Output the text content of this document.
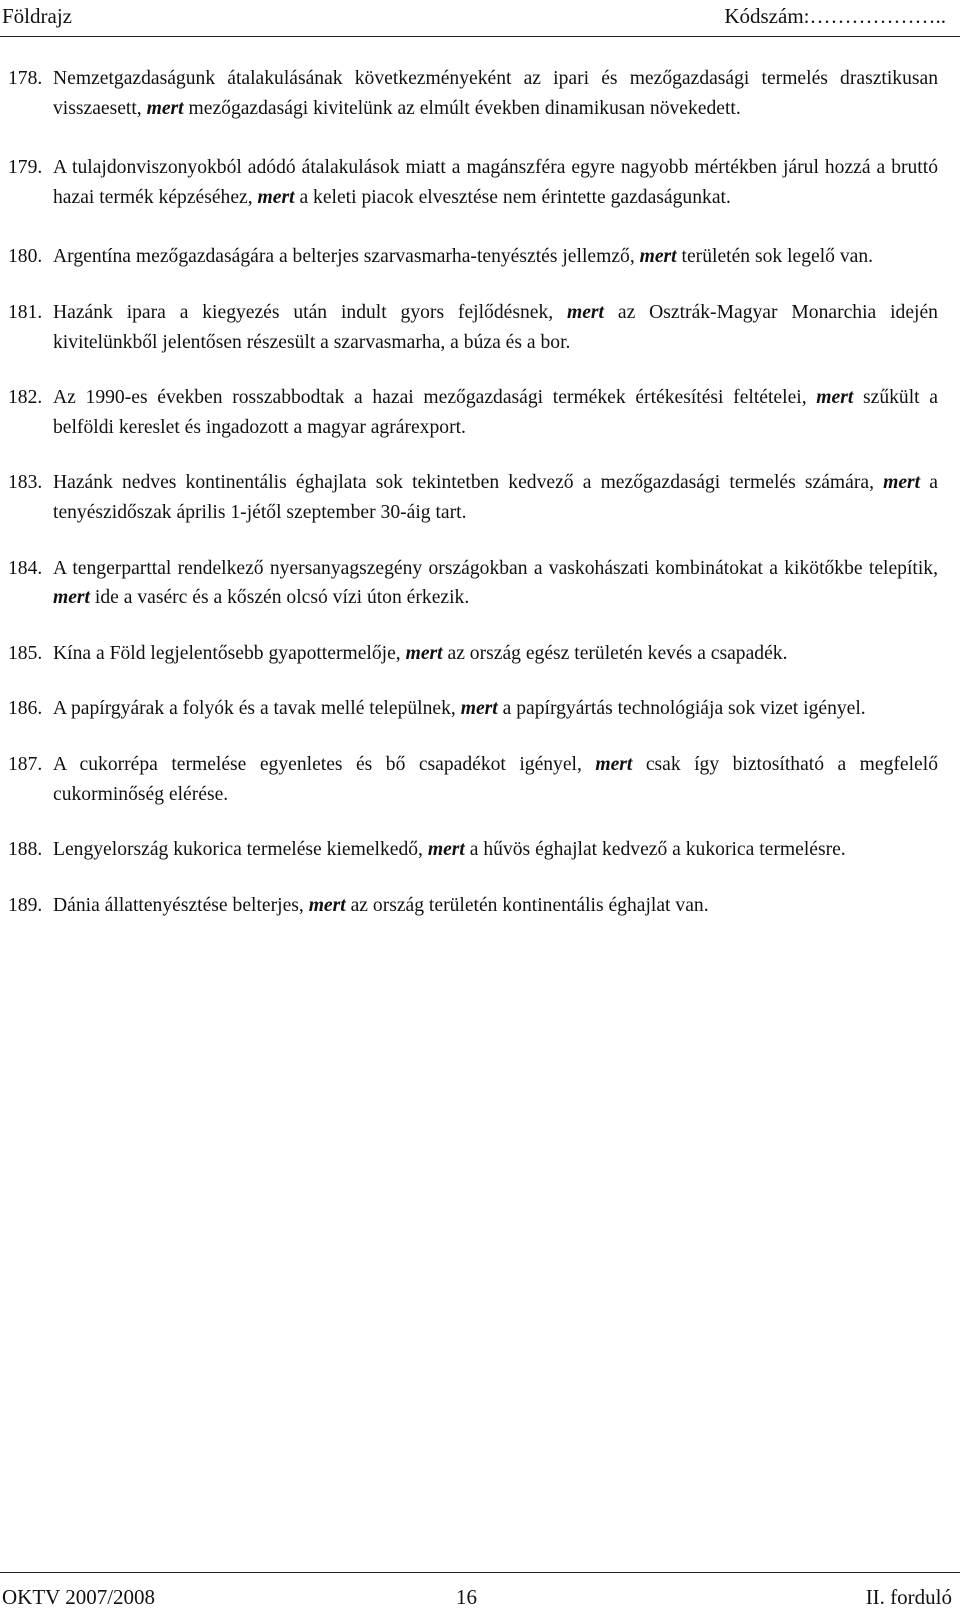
Földrajz	Kódszám:………………..
178. Nemzetgazdaságunk átalakulásának következményeként az ipari és mezőgazdasági termelés drasztikusan visszaesett, mert mezőgazdasági kivitelünk az elmúlt években dinamikusan növekedett.
179. A tulajdonviszonyokból adódó átalakulások miatt a magánszféra egyre nagyobb mértékben járul hozzá a bruttó hazai termék képzéséhez, mert a keleti piacok elvesztése nem érintette gazdaságunkat.
180. Argentína mezőgazdaságára a belterjes szarvasmarha-tenyésztés jellemző, mert területén sok legelő van.
181. Hazánk ipara a kiegyezés után indult gyors fejlődésnek, mert az Osztrák-Magyar Monarchia idején kivitelünkből jelentősen részesült a szarvasmarha, a búza és a bor.
182. Az 1990-es években rosszabbodtak a hazai mezőgazdasági termékek értékesítési feltételei, mert szűkült a belföldi kereslet és ingadozott a magyar agrárexport.
183. Hazánk nedves kontinentális éghajlata sok tekintetben kedvező a mezőgazdasági termelés számára, mert a tenyészidőszak április 1-jétől szeptember 30-áig tart.
184. A tengerparttal rendelkező nyersanyagszegény országokban a vaskohászati kombinátokat a kikötőkbe telepítik, mert ide a vasérc és a kőszén olcsó vízi úton érkezik.
185. Kína a Föld legjelentősebb gyapottermelője, mert az ország egész területén kevés a csapadék.
186. A papírgyárak a folyók és a tavak mellé települnek, mert a papírgyártás technológiája sok vizet igényel.
187. A cukorrépa termelése egyenletes és bő csapadékot igényel, mert csak így biztosítható a megfelelő cukorminőség elérése.
188. Lengyelország kukorica termelése kiemelkedő, mert a hűvös éghajlat kedvező a kukorica termelésre.
189. Dánia állattenyésztése belterjes, mert az ország területén kontinentális éghajlat van.
OKTV 2007/2008	16	II. forduló
